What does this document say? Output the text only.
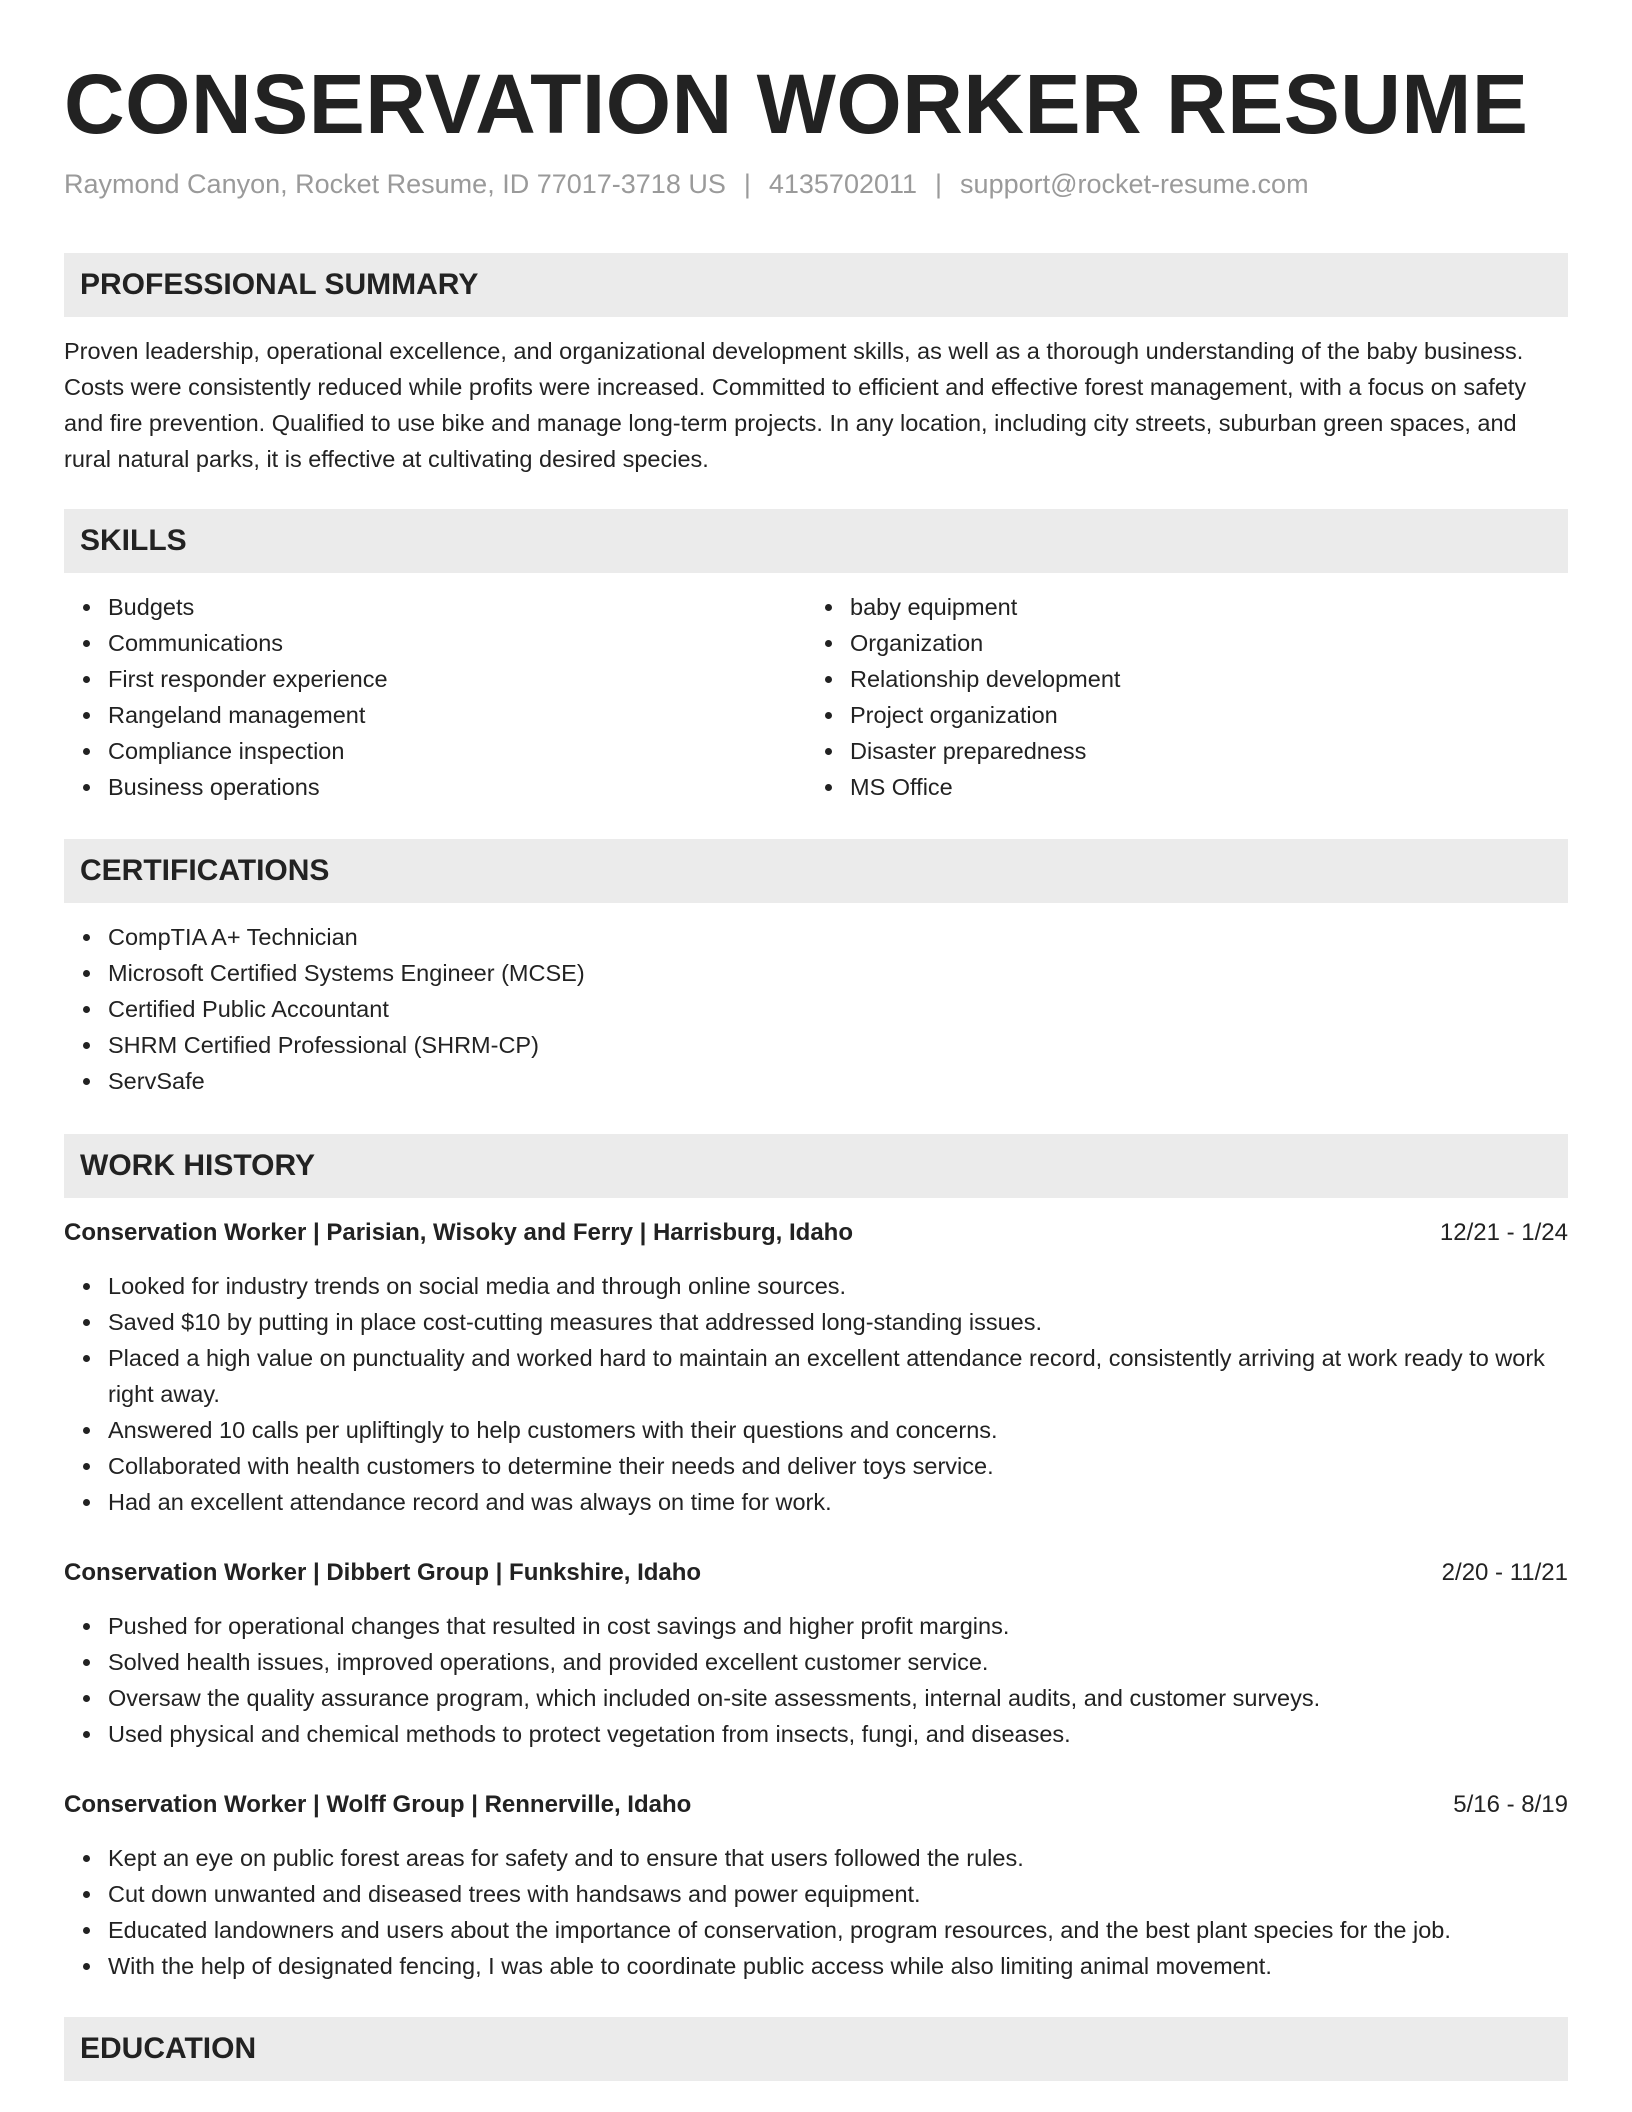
CONSERVATION WORKER RESUME
Raymond Canyon, Rocket Resume, ID 77017-3718 US | 4135702011 | support@rocket-resume.com
PROFESSIONAL SUMMARY

Proven leadership, operational excellence, and organizational development skills, as well as a thorough understanding of the baby business. Costs were consistently reduced while profits were increased. Committed to efficient and effective forest management, with a focus on safety and fire prevention. Qualified to use bike and manage long-term projects. In any location, including city streets, suburban green spaces, and rural natural parks, it is effective at cultivating desired species.

SKILLS
Budgets
Communications
First responder experience
Rangeland management
Compliance inspection
Business operations
baby equipment
Organization
Relationship development
Project organization
Disaster preparedness
MS Office
CERTIFICATIONS
CompTIA A+ Technician
Microsoft Certified Systems Engineer (MCSE)
Certified Public Accountant
SHRM Certified Professional (SHRM-CP)
ServSafe
WORK HISTORY
Conservation Worker | Parisian, Wisoky and Ferry | Harrisburg, Idaho	12/21 - 1/24
Looked for industry trends on social media and through online sources.
Saved $10 by putting in place cost-cutting measures that addressed long-standing issues.
Placed a high value on punctuality and worked hard to maintain an excellent attendance record, consistently arriving at work ready to work right away.
Answered 10 calls per upliftingly to help customers with their questions and concerns.
Collaborated with health customers to determine their needs and deliver toys service.
Had an excellent attendance record and was always on time for work.
Conservation Worker | Dibbert Group | Funkshire, Idaho	2/20 - 11/21
Pushed for operational changes that resulted in cost savings and higher profit margins.
Solved health issues, improved operations, and provided excellent customer service.
Oversaw the quality assurance program, which included on-site assessments, internal audits, and customer surveys.
Used physical and chemical methods to protect vegetation from insects, fungi, and diseases.
Conservation Worker | Wolff Group | Rennerville, Idaho	5/16 - 8/19
Kept an eye on public forest areas for safety and to ensure that users followed the rules.
Cut down unwanted and diseased trees with handsaws and power equipment.
Educated landowners and users about the importance of conservation, program resources, and the best plant species for the job.
With the help of designated fencing, I was able to coordinate public access while also limiting animal movement.
EDUCATION
